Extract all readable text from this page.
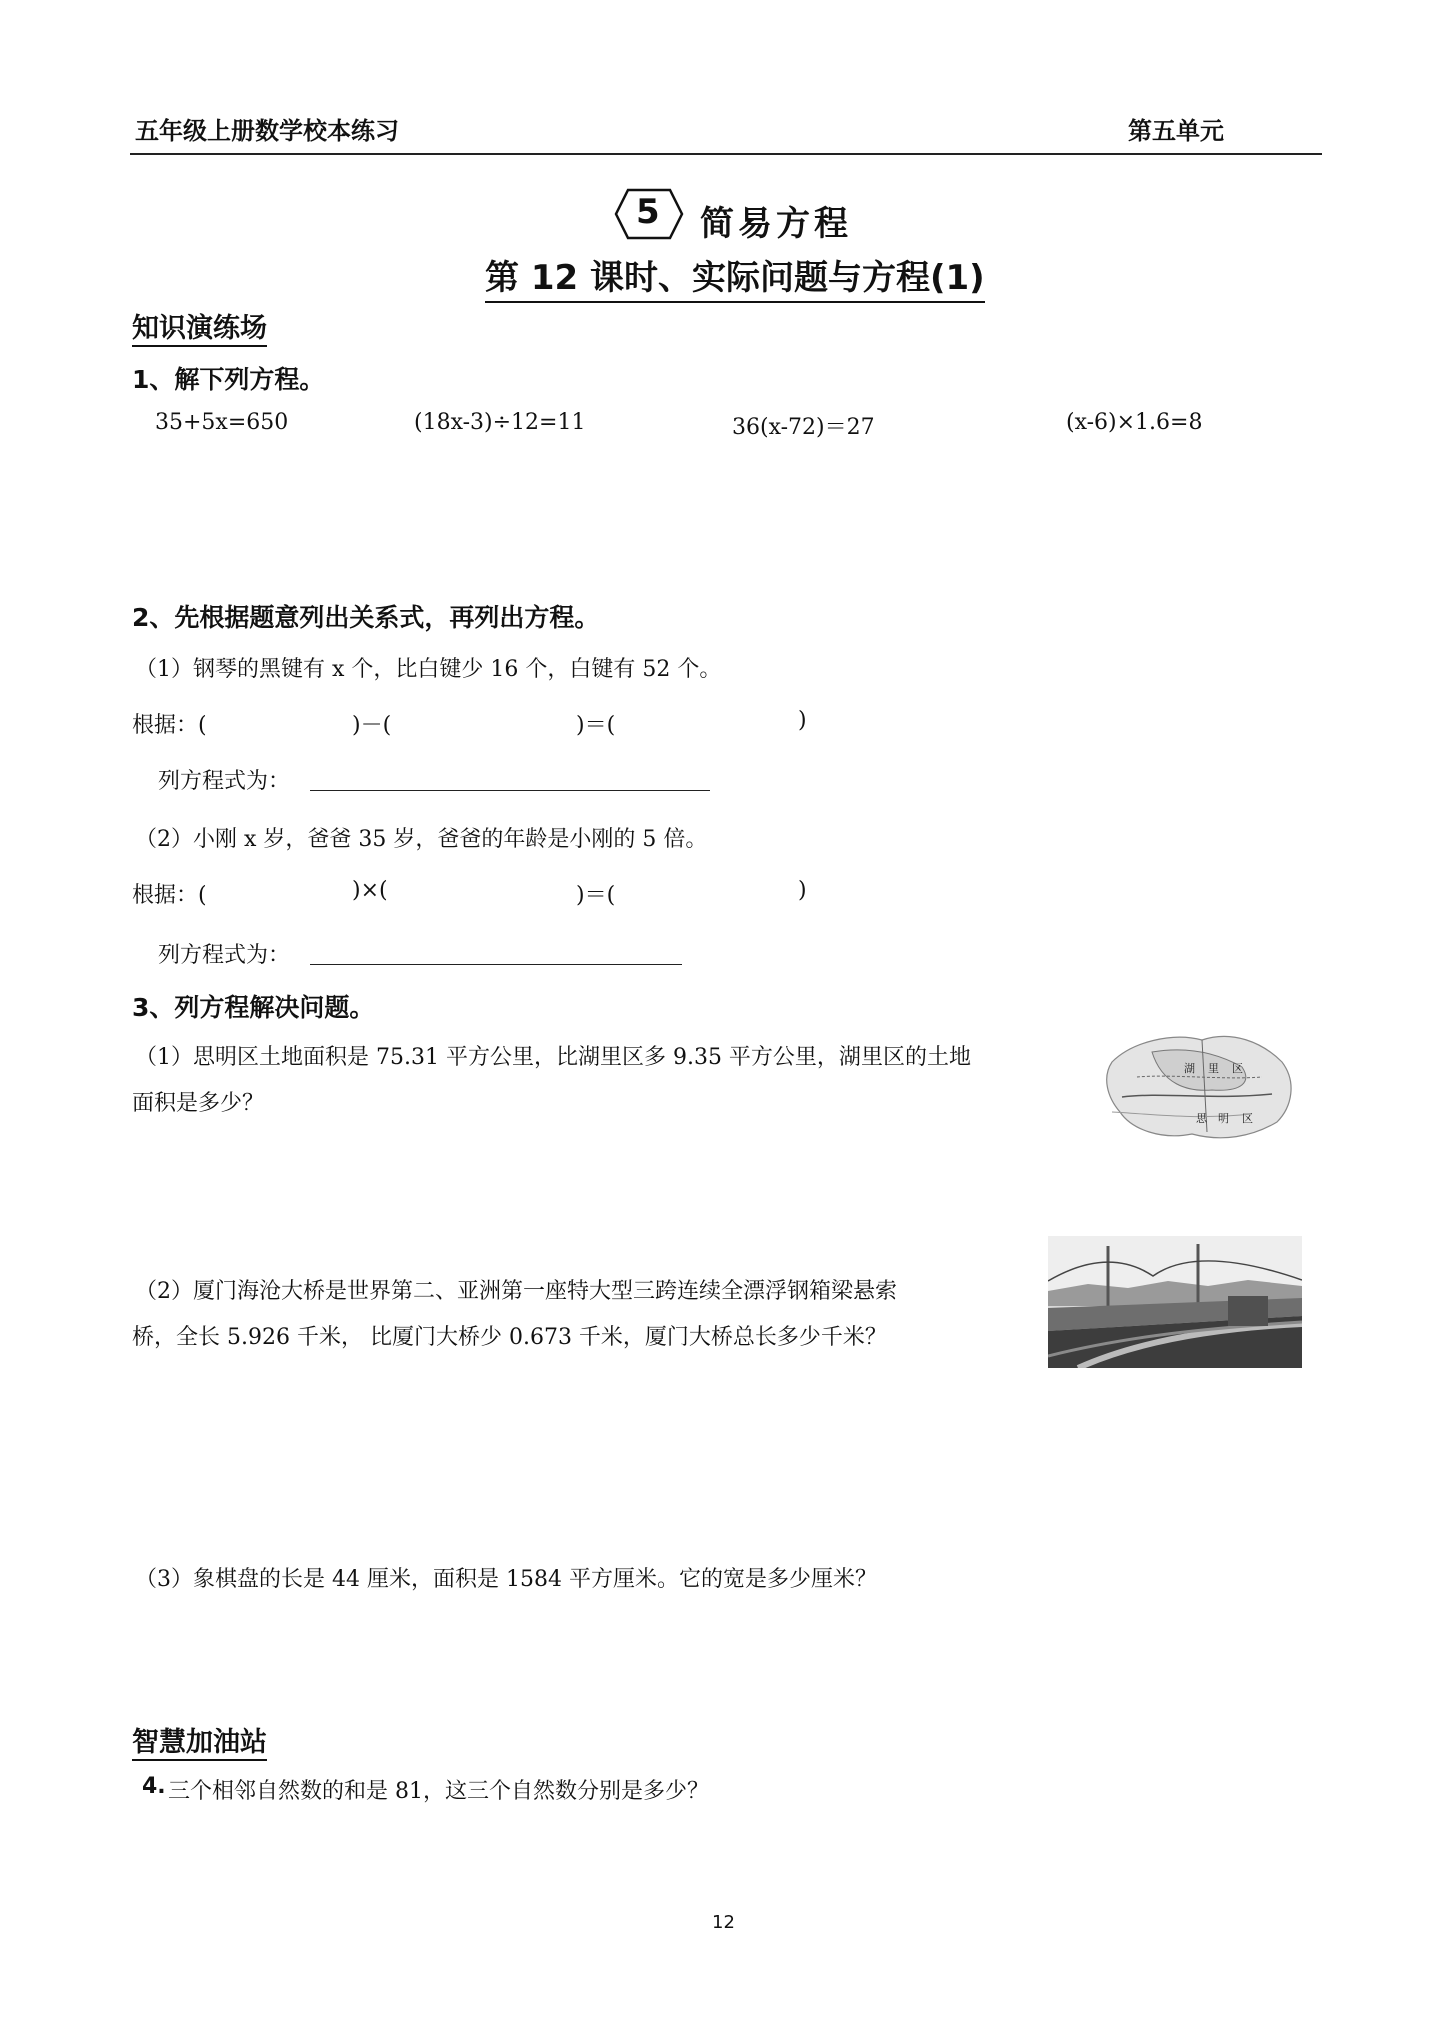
五年级上册数学校本练习	第五单元
5 简易方程
第 12 课时、实际问题与方程(1)
知识演练场
1、解下列方程。
35+5x=650	(18x-3)÷12=11	36(x-72)＝27	(x-6)×1.6=8
2、先根据题意列出关系式，再列出方程。
（1）钢琴的黑键有 x 个，比白键少 16 个，白键有 52 个。
根据：(	)－(	)＝(	)
列方程式为：
（2）小刚 x 岁，爸爸 35 岁，爸爸的年龄是小刚的 5 倍。
根据：(	)×(	)＝(	)
列方程式为：
3、列方程解决问题。
（1）思明区土地面积是 75.31 平方公里，比湖里区多 9.35 平方公里，湖里区的土地
面积是多少？
湖 里 区
思 明 区
（2）厦门海沧大桥是世界第二、亚洲第一座特大型三跨连续全漂浮钢箱梁悬索
桥，全长 5.926 千米， 比厦门大桥少 0.673 千米，厦门大桥总长多少千米？
（3）象棋盘的长是 44 厘米，面积是 1584 平方厘米。它的宽是多少厘米？
智慧加油站
4. 三个相邻自然数的和是 81，这三个自然数分别是多少？
12
